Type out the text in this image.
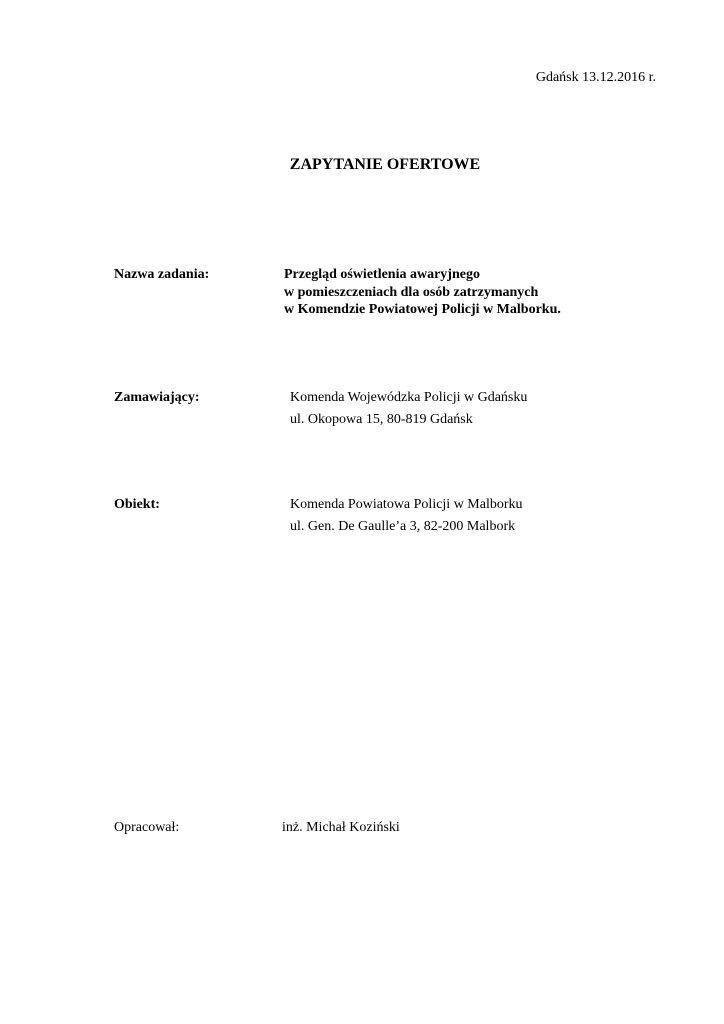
Gdańsk 13.12.2016 r.
ZAPYTANIE OFERTOWE
Nazwa zadania:	Przegląd oświetlenia awaryjnego
w pomieszczeniach dla osób zatrzymanych
w Komendzie Powiatowej Policji w Malborku.
Zamawiający:	Komenda Wojewódzka Policji w Gdańsku
ul. Okopowa 15, 80-819 Gdańsk
Obiekt:	Komenda Powiatowa Policji w Malborku
ul. Gen. De Gaulle’a 3, 82-200 Malbork
Opracował:	inż. Michał Koziński
